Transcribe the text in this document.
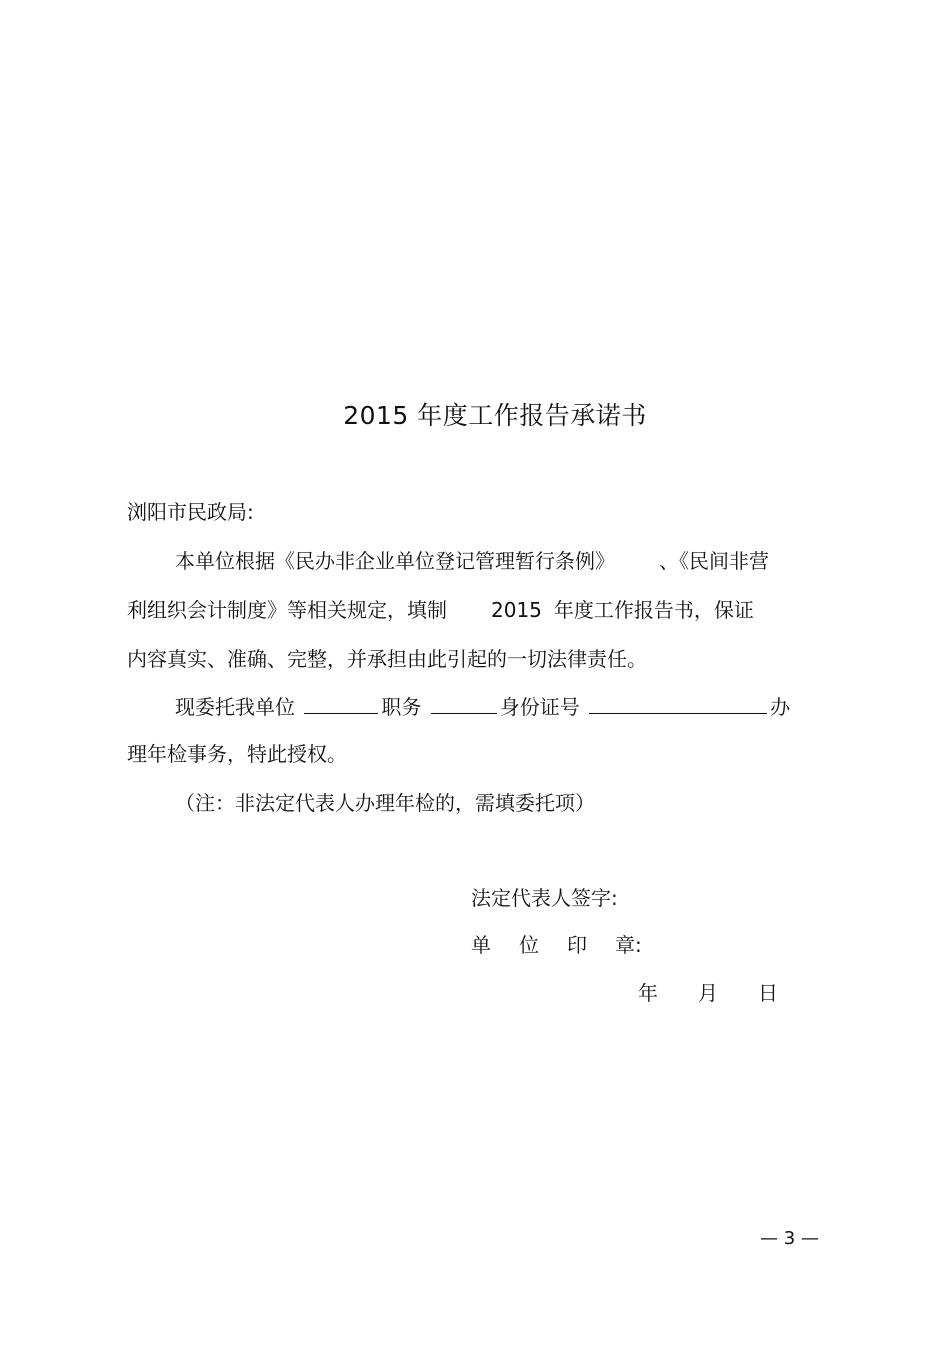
2015 年度工作报告承诺书
浏阳市民政局:
本单位根据《民办非企业单位登记管理暂行条例》 、《民间非营
利组织会计制度》等相关规定，填制 2015 年度工作报告书，保证
内容真实、准确、完整，并承担由此引起的一切法律责任。
现委托我单位	职务	身份证号	办
理年检事务，特此授权。
（注：非法定代表人办理年检的，需填委托项）
法定代表人签字:
单 位 印 章:
年 月 日
— 3 —
